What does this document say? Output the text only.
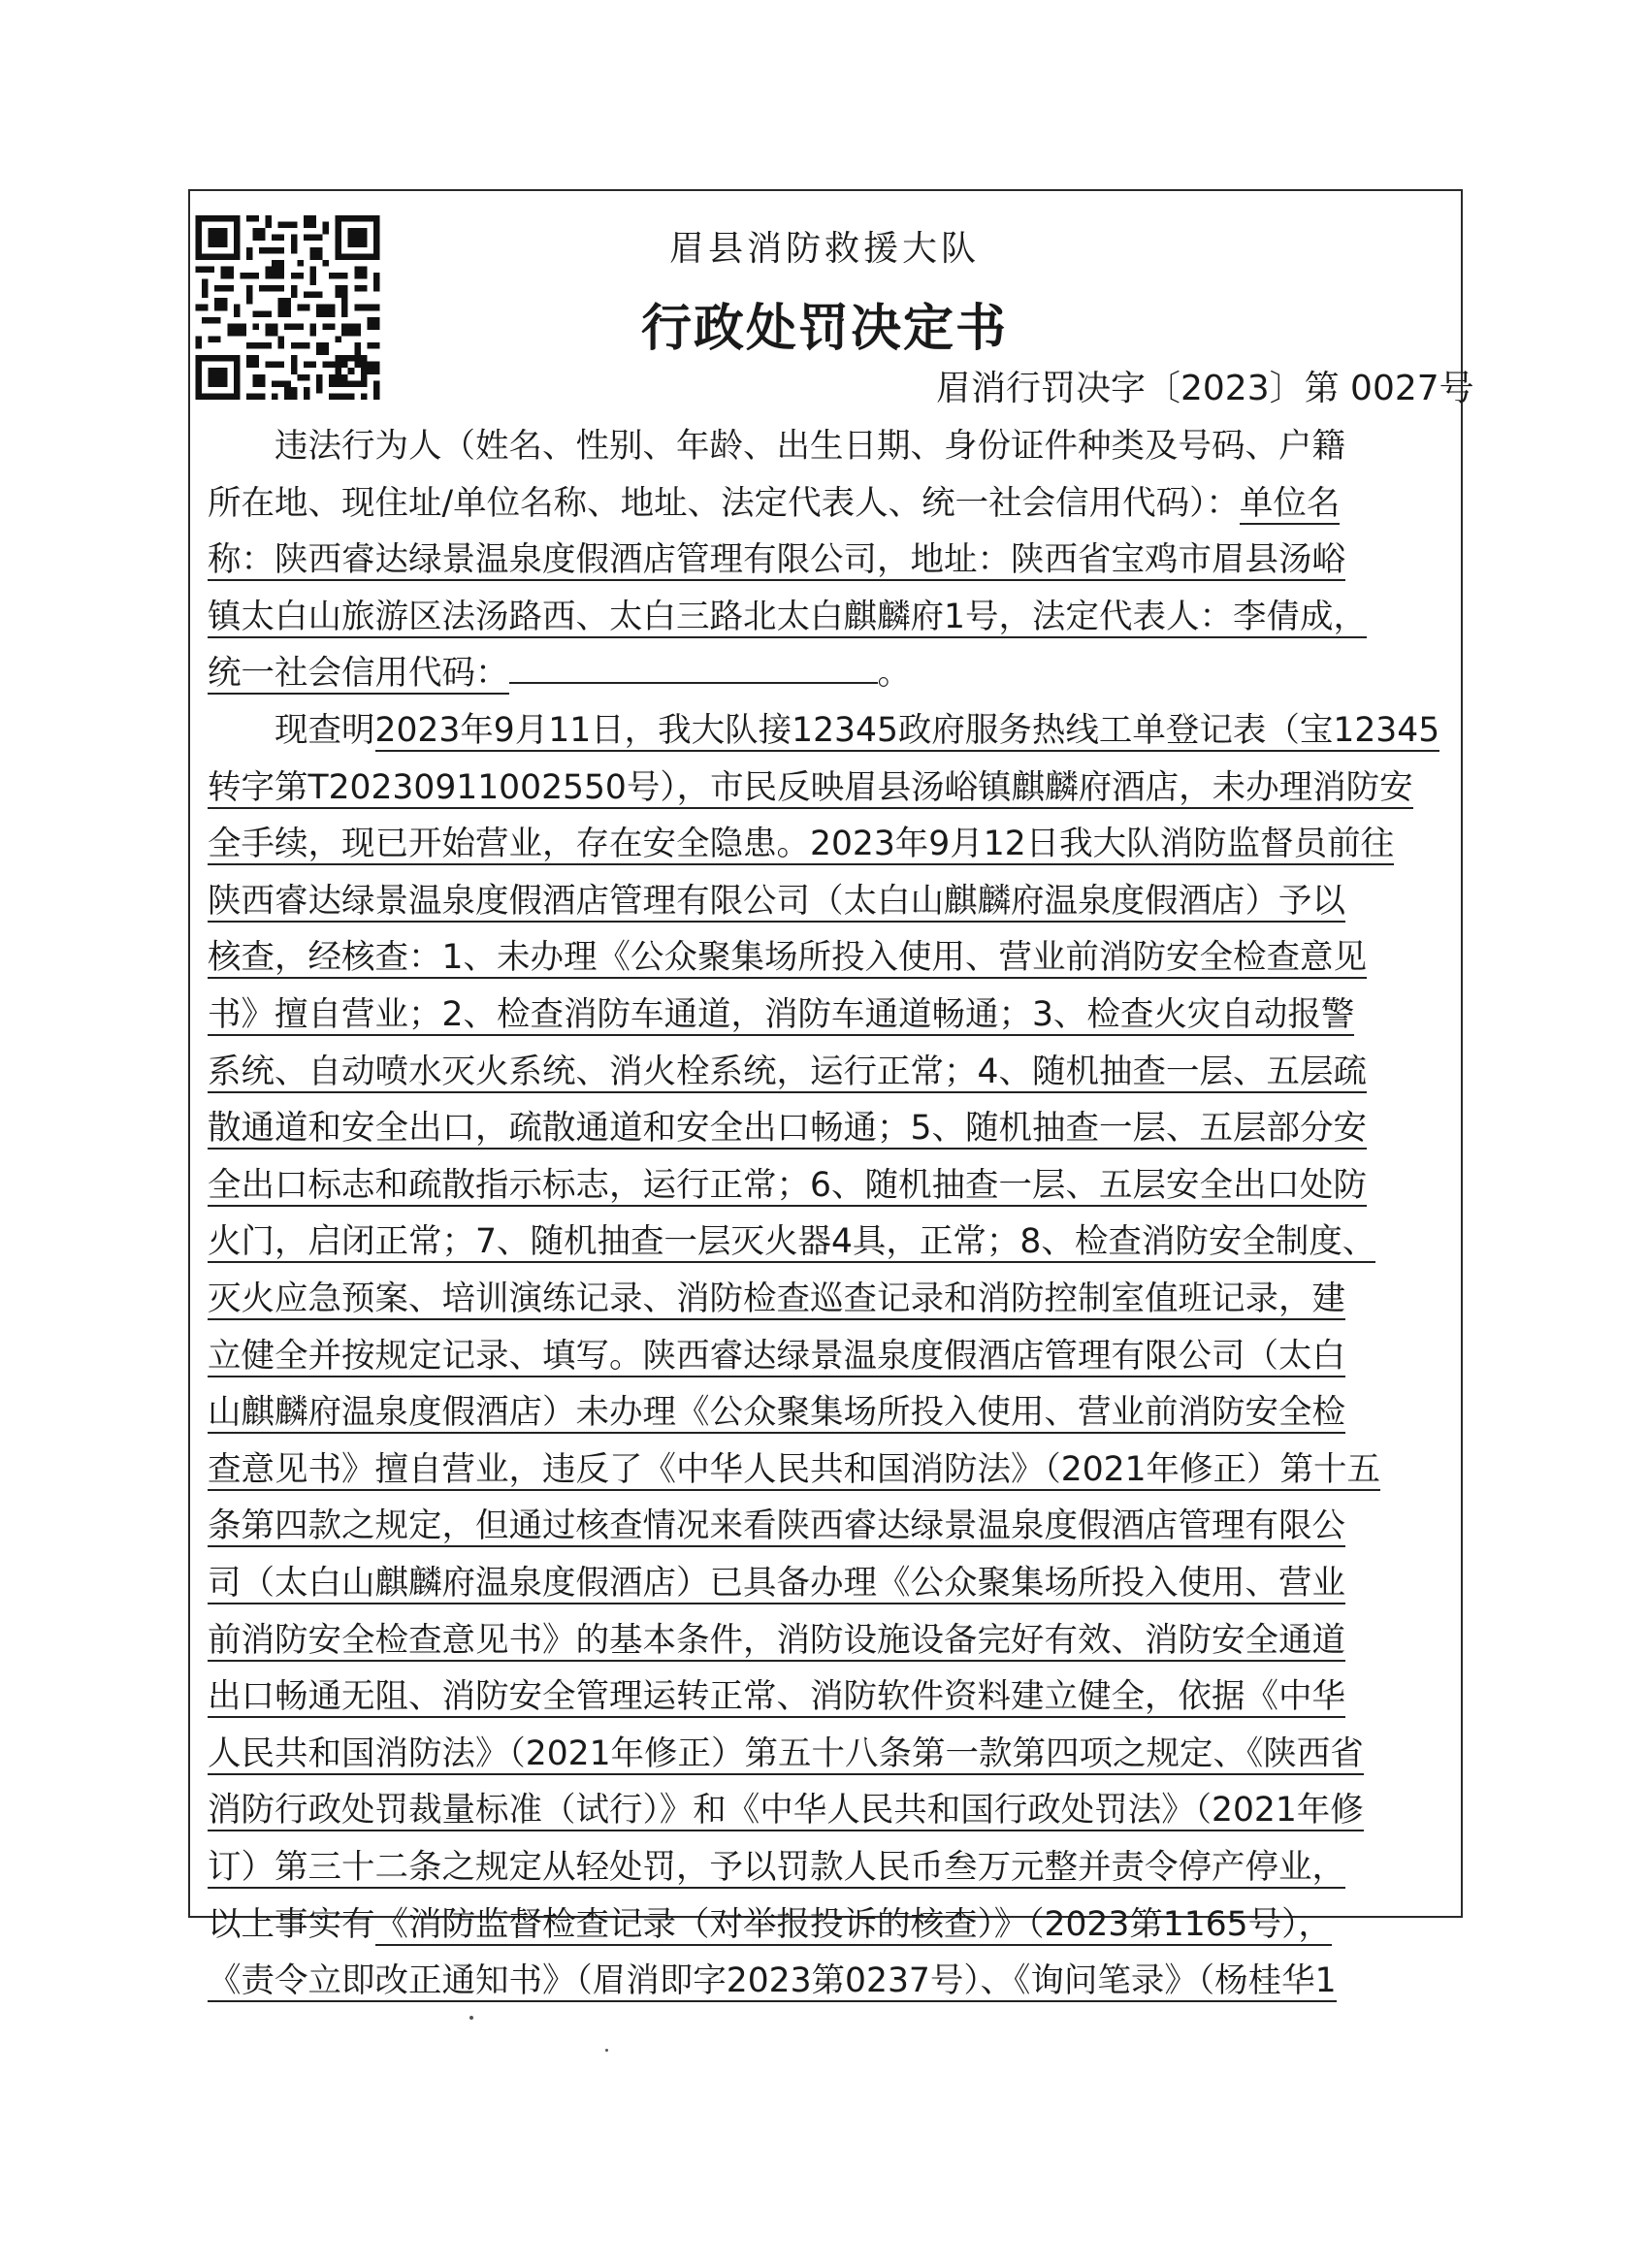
眉县消防救援大队
行政处罚决定书
眉消行罚决字〔2023〕第 0027号
　　违法行为人（姓名、性别、年龄、出生日期、身份证件种类及号码、户籍
所在地、现住址/单位名称、地址、法定代表人、统一社会信用代码）：单位名
称：陕西睿达绿景温泉度假酒店管理有限公司，地址：陕西省宝鸡市眉县汤峪
镇太白山旅游区法汤路西、太白三路北太白麒麟府1号，法定代表人：李倩成，
统一社会信用代码：	。
　　现查明2023年9月11日，我大队接12345政府服务热线工单登记表（宝12345
转字第T20230911002550号），市民反映眉县汤峪镇麒麟府酒店，未办理消防安
全手续，现已开始营业，存在安全隐患。2023年9月12日我大队消防监督员前往
陕西睿达绿景温泉度假酒店管理有限公司（太白山麒麟府温泉度假酒店）予以
核查，经核查：1、未办理《公众聚集场所投入使用、营业前消防安全检查意见
书》擅自营业；2、检查消防车通道，消防车通道畅通；3、检查火灾自动报警
系统、自动喷水灭火系统、消火栓系统，运行正常；4、随机抽查一层、五层疏
散通道和安全出口，疏散通道和安全出口畅通；5、随机抽查一层、五层部分安
全出口标志和疏散指示标志，运行正常；6、随机抽查一层、五层安全出口处防
火门，启闭正常；7、随机抽查一层灭火器4具，正常；8、检查消防安全制度、
灭火应急预案、培训演练记录、消防检查巡查记录和消防控制室值班记录，建
立健全并按规定记录、填写。陕西睿达绿景温泉度假酒店管理有限公司（太白
山麒麟府温泉度假酒店）未办理《公众聚集场所投入使用、营业前消防安全检
查意见书》擅自营业，违反了《中华人民共和国消防法》（2021年修正）第十五
条第四款之规定，但通过核查情况来看陕西睿达绿景温泉度假酒店管理有限公
司（太白山麒麟府温泉度假酒店）已具备办理《公众聚集场所投入使用、营业
前消防安全检查意见书》的基本条件，消防设施设备完好有效、消防安全通道
出口畅通无阻、消防安全管理运转正常、消防软件资料建立健全，依据《中华
人民共和国消防法》（2021年修正）第五十八条第一款第四项之规定、《陕西省
消防行政处罚裁量标准（试行）》和《中华人民共和国行政处罚法》（2021年修
订）第三十二条之规定从轻处罚，予以罚款人民币叁万元整并责令停产停业，
以上事实有《消防监督检查记录（对举报投诉的核查）》（2023第1165号），
《责令立即改正通知书》（眉消即字2023第0237号）、《询问笔录》（杨桂华1
